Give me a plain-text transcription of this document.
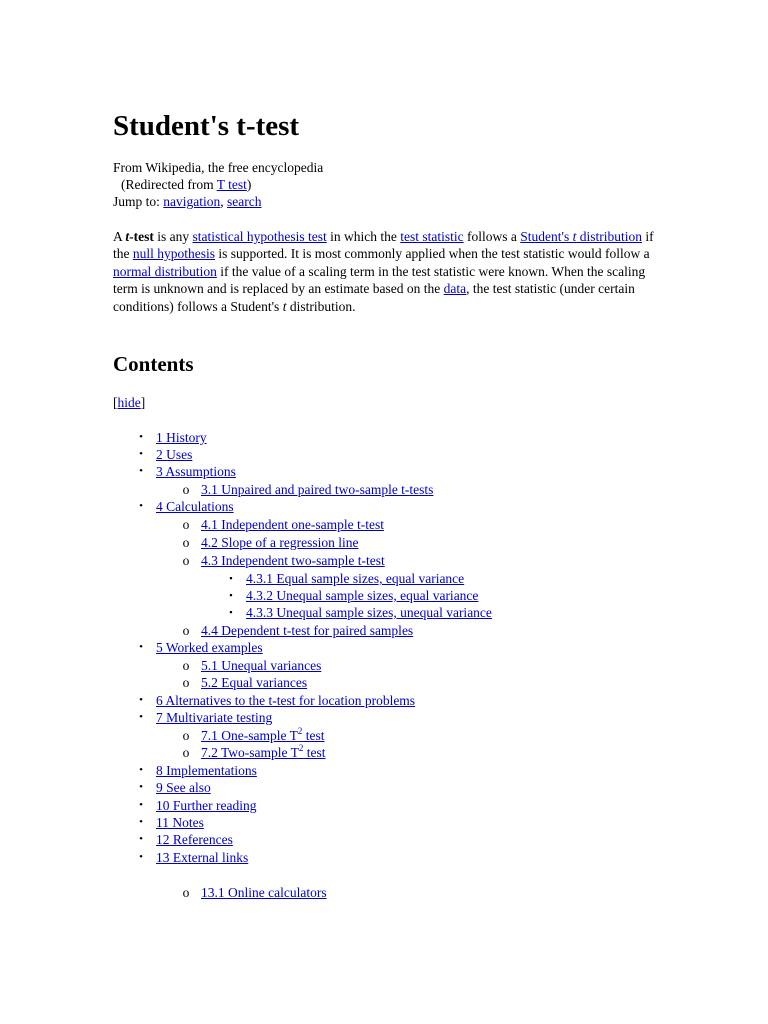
Student's t-test
From Wikipedia, the free encyclopedia
(Redirected from T test)
Jump to: navigation, search

A t-test is any statistical hypothesis test in which the test statistic follows a Student's t distribution if the null hypothesis is supported. It is most commonly applied when the test statistic would follow a normal distribution if the value of a scaling term in the test statistic were known. When the scaling term is unknown and is replaced by an estimate based on the data, the test statistic (under certain conditions) follows a Student's t distribution.

Contents
[hide]
• 1 History
• 2 Uses
• 3 Assumptions
o 3.1 Unpaired and paired two-sample t-tests
• 4 Calculations
o 4.1 Independent one-sample t-test
o 4.2 Slope of a regression line
o 4.3 Independent two-sample t-test
▪ 4.3.1 Equal sample sizes, equal variance
▪ 4.3.2 Unequal sample sizes, equal variance
▪ 4.3.3 Unequal sample sizes, unequal variance
o 4.4 Dependent t-test for paired samples
• 5 Worked examples
o 5.1 Unequal variances
o 5.2 Equal variances
• 6 Alternatives to the t-test for location problems
• 7 Multivariate testing
o 7.1 One-sample T$^2$ test
o 7.2 Two-sample T$^2$ test
• 8 Implementations
• 9 See also
• 10 Further reading
• 11 Notes
• 12 References
• 13 External links
o 13.1 Online calculators
